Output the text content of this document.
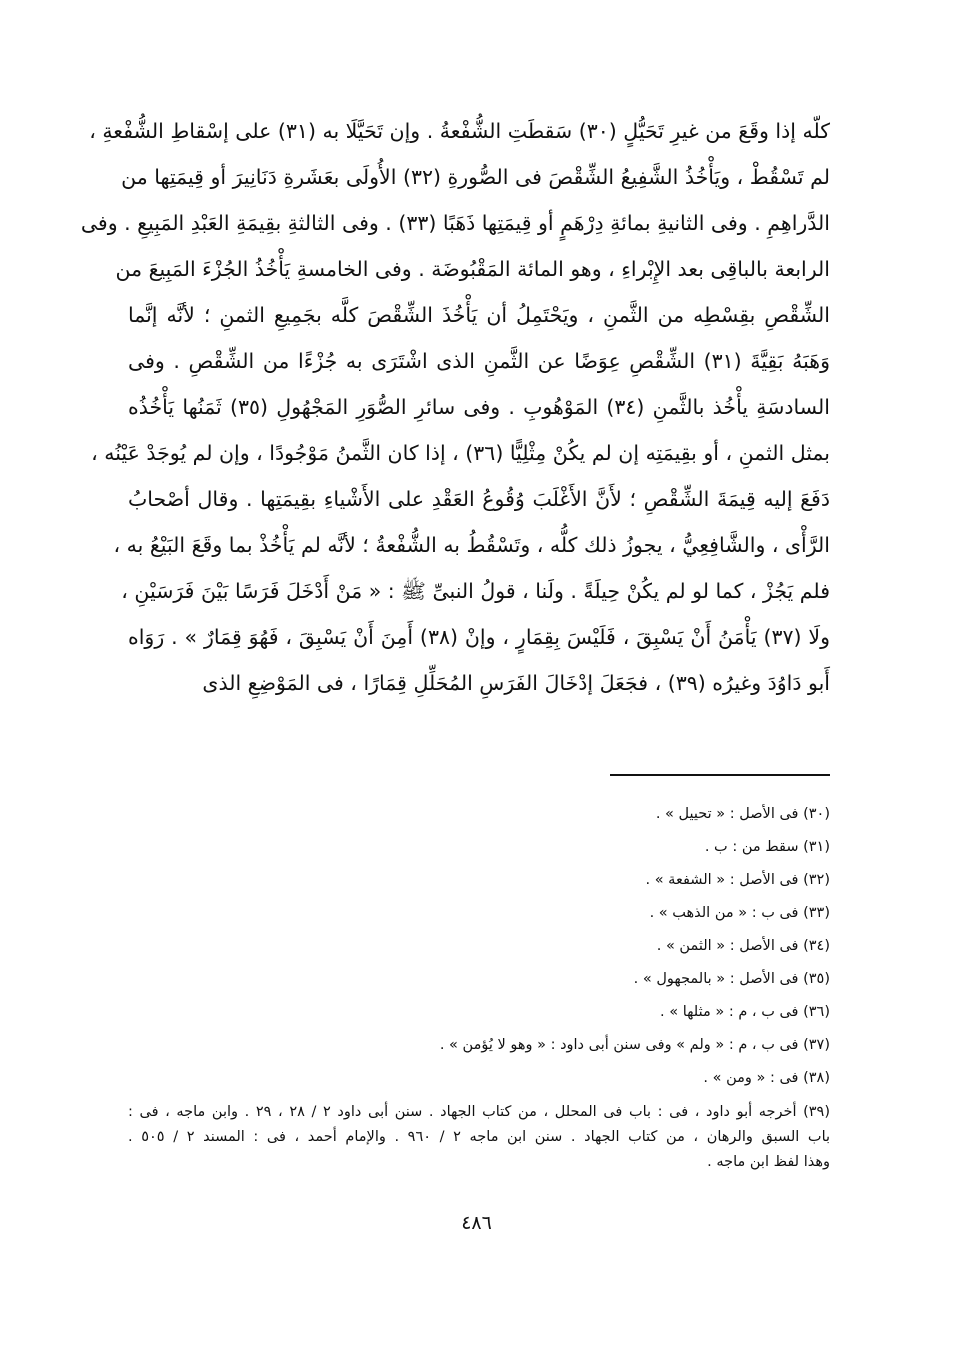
كلّه إذا وقَعَ من غيرِ تَحَيُّلٍ (٣٠) سَقطَتِ الشُّفْعةُ . وإن تَحَيَّلَا به (٣١) على إسْقاطِ الشُّفْعةِ ،
لم تَسْقُطْ ، ويَأْخُذُ الشَّفِيعُ الشِّقْصَ فى الصُّورةِ (٣٢) الأُولَى بعَشَرةِ دَنَانِيرَ أو قِيمَتِها من
الدَّراهِمِ . وفى الثانيةِ بمائةِ دِرْهَمٍ أو قِيمَتِها ذَهَبًا (٣٣) . وفى الثالثةِ بقِيمَةِ العَبْدِ المَبِيعِ . وفى
الرابعة بالباقِى بعد الإِبْراءِ ، وهو المائة المَقْبُوضَة . وفى الخامسةِ يَأْخُذُ الجُزْءَ المَبِيعَ من
الشِّقْصِ بقِسْطِه من الثَّمنِ ، ويَحْتَمِلُ أن يَأْخُذَ الشِّقْصَ كلَّه بجَمِيعِ الثمنِ ؛ لأنَّه إنَّما
وَهَبَهُ بَقِيَّةَ (٣١) الشِّقْصِ عِوَضًا عن الثَّمنِ الذى اشْتَرَى به جُزْءًا من الشِّقْصِ . وفى
السادسَةِ يأْخُذ بالثَّمنِ (٣٤) المَوْهُوبِ . وفى سائرِ الصُّوَرِ المَجْهُولِ (٣٥) ثَمَنُها يَأْخُذُه
بمثل الثمنِ ، أو بقِيمَتِه إن لم يكُنْ مِثْلِيًّا (٣٦) ، إذا كان الثَّمنُ مَوْجُودًا ، وإن لم يُوجَدْ عَيْنُه ،
دَفَعَ إليه قِيمَةَ الشِّقْصِ ؛ لأَنَّ الأَغْلَبَ وُقُوعُ العَقْدِ على الأَشْياءِ بقِيمَتِها . وقال أصْحابُ
الرَّأْى ، والشَّافِعِيُّ ، يجوزُ ذلك كلُّه ، وتَسْقُطُ به الشُّفْعةُ ؛ لأنَّه لم يَأْخُذْ بما وقَعَ البَيْعُ به ،
فلم يَجُزْ ، كما لو لم يكُنْ حِيلَةً . ولَنا ، قولُ النبىِّ ﷺ : « مَنْ أَدْخَلَ فَرَسًا بَيْنَ فَرَسَيْنِ ،
ولَا (٣٧) يَأْمَنُ أَنْ يَسْبِقَ ، فَلَيْسَ بِقِمَارٍ ، وإنْ (٣٨) أَمِنَ أَنْ يَسْبِقَ ، فَهُوَ قِمَارٌ » . رَوَاه
أَبو دَاوُدَ وغيرُه (٣٩) ، فجَعَلَ إدْخَالَ الفَرَسِ المُحَلِّلِ قِمَارًا ، فى المَوْضِعِ الذى
(٣٠) فى الأصل : « تحييل » .
(٣١) سقط من : ب .
(٣٢) فى الأصل : « الشفعة » .
(٣٣) فى ب : « من الذهب » .
(٣٤) فى الأصل : « الثمن » .
(٣٥) فى الأصل : « بالمجهول » .
(٣٦) فى ب ، م : « مثلها » .
(٣٧) فى ب ، م : « ولم » وفى سنن أبى داود : « وهو لا يُؤمن » .
(٣٨) فى : « ومن » .
(٣٩) أخرجه أبو داود ، فى : باب فى المحلل ، من كتاب الجهاد . سنن أبى داود ٢ / ٢٨ ، ٢٩ . وابن ماجه ، فى :
باب السبق والرهان ، من كتاب الجهاد . سنن ابن ماجه ٢ / ٩٦٠ . والإمام أحمد ، فى : المسند ٢ / ٥٠٥ .
وهذا لفظ ابن ماجه .
٤٨٦
